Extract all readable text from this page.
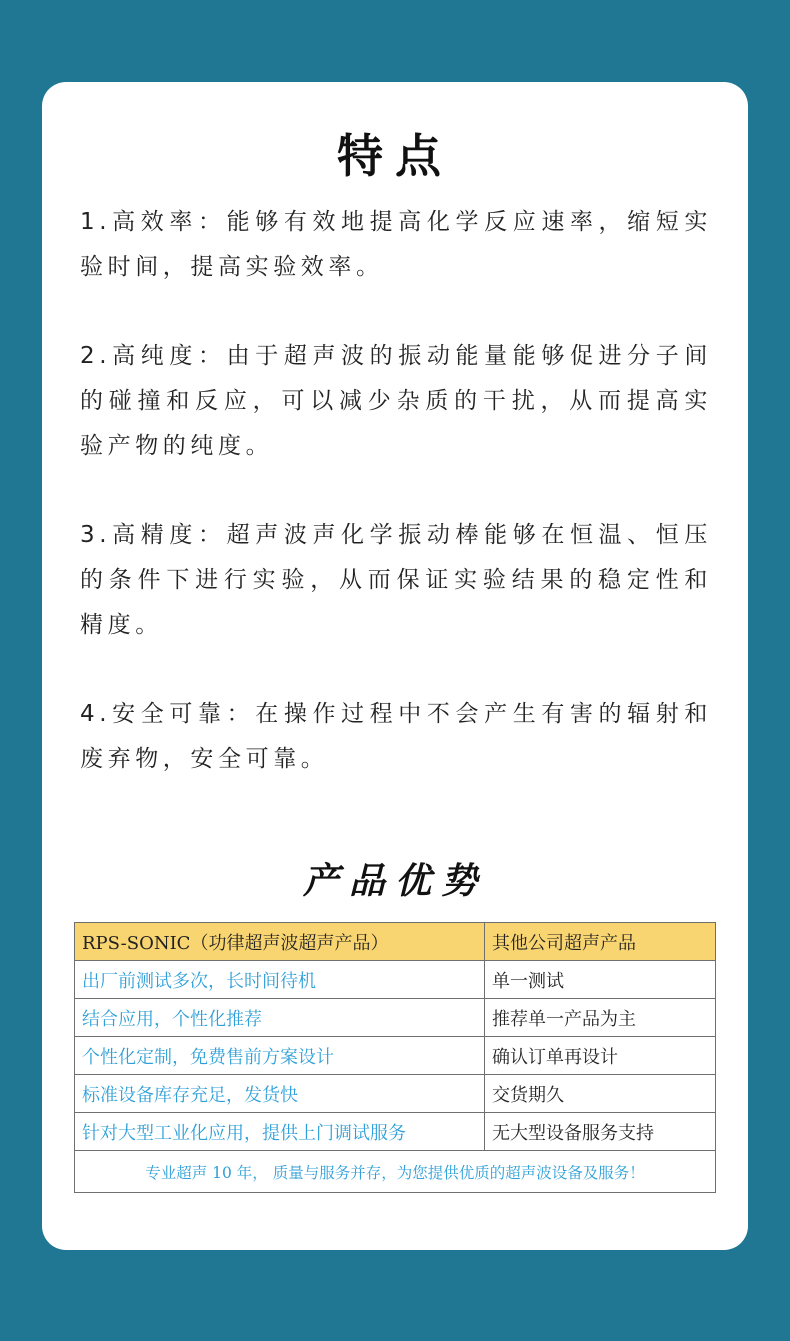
特点

1.高效率：能够有效地提高化学反应速率，缩短实验时间，提高实验效率。

2.高纯度：由于超声波的振动能量能够促进分子间的碰撞和反应，可以减少杂质的干扰，从而提高实验产物的纯度。

3.高精度：超声波声化学振动棒能够在恒温、恒压的条件下进行实验，从而保证实验结果的稳定性和精度。

4.安全可靠：在操作过程中不会产生有害的辐射和废弃物，安全可靠。

产品优势
RPS-SONIC（功律超声波超声产品）	其他公司超声产品
出厂前测试多次，长时间待机	单一测试
结合应用，个性化推荐	推荐单一产品为主
个性化定制，免费售前方案设计	确认订单再设计
标准设备库存充足，发货快	交货期久
针对大型工业化应用，提供上门调试服务	无大型设备服务支持
专业超声 10 年， 质量与服务并存，为您提供优质的超声波设备及服务！	
